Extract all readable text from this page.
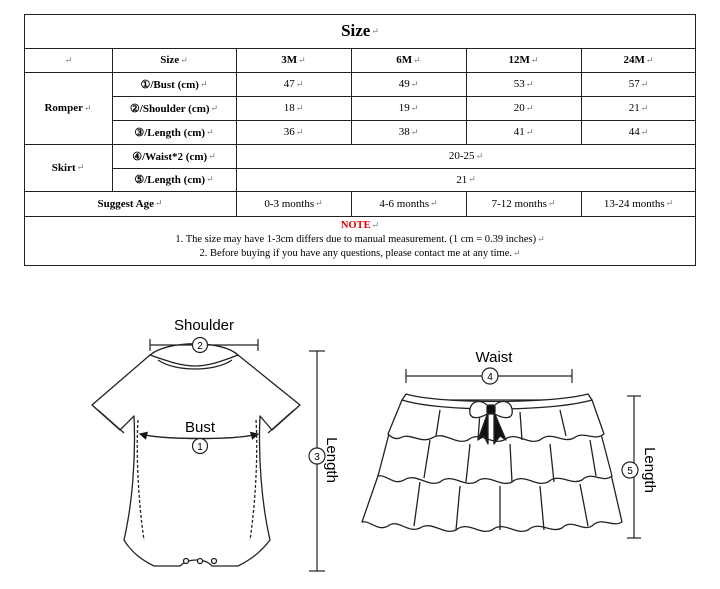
Size ↵
↵	Size ↵	3M ↵	6M ↵	12M ↵	24M ↵
Romper ↵
①/Bust (cm) ↵	47 ↵	49 ↵	53 ↵	57 ↵
②/Shoulder (cm) ↵	18 ↵	19 ↵	20 ↵	21 ↵
③/Length (cm) ↵	36 ↵	38 ↵	41 ↵	44 ↵
Skirt ↵
④/Waist*2 (cm) ↵	20-25 ↵
⑤/Length (cm) ↵	21 ↵
Suggest Age ↵	0-3 months ↵	4-6 months ↵	7-12 months ↵	13-24 months ↵
NOTE↵
1. The size may have 1-3cm differs due to manual measurement. (1 cm = 0.39 inches)↵
2. Before buying if you have any questions, please contact me at any time.↵
Shoulder
2
Bust
1
3 Length
Waist
4
5 Length
